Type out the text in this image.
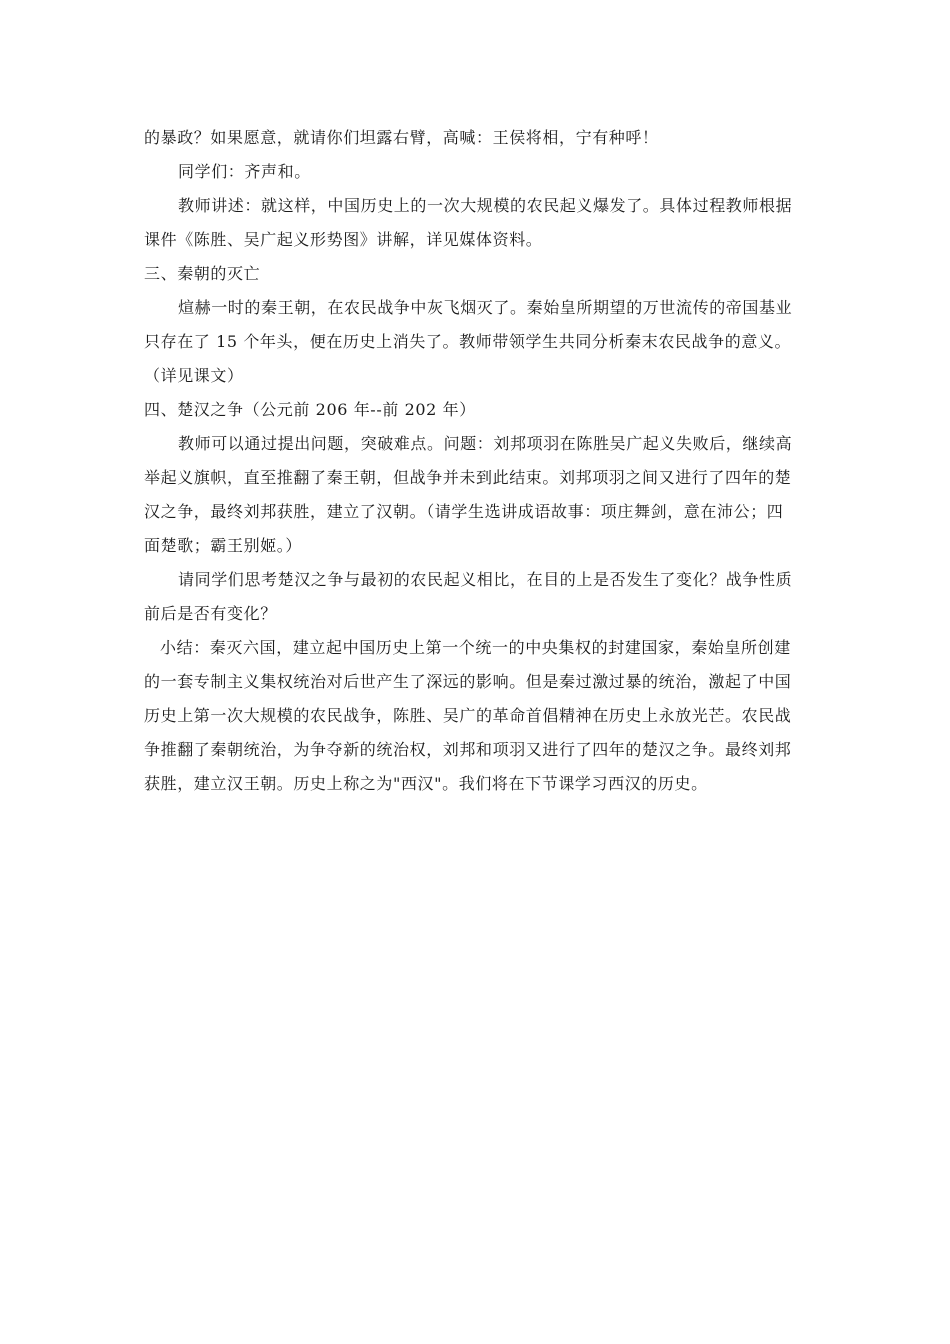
的暴政？如果愿意，就请你们坦露右臂，高喊：王侯将相，宁有种呼！
同学们：齐声和。
教师讲述：就这样，中国历史上的一次大规模的农民起义爆发了。具体过程教师根据
课件《陈胜、吴广起义形势图》讲解，详见媒体资料。
三、秦朝的灭亡
煊赫一时的秦王朝，在农民战争中灰飞烟灭了。秦始皇所期望的万世流传的帝国基业
只存在了 15 个年头，便在历史上消失了。教师带领学生共同分析秦末农民战争的意义。
（详见课文）
四、楚汉之争（公元前 206 年--前 202 年）
教师可以通过提出问题，突破难点。问题：刘邦项羽在陈胜吴广起义失败后，继续高
举起义旗帜，直至推翻了秦王朝，但战争并未到此结束。刘邦项羽之间又进行了四年的楚
汉之争，最终刘邦获胜，建立了汉朝。（请学生选讲成语故事：项庄舞剑，意在沛公；四
面楚歌；霸王别姬。）
请同学们思考楚汉之争与最初的农民起义相比，在目的上是否发生了变化？战争性质
前后是否有变化？
小结：秦灭六国，建立起中国历史上第一个统一的中央集权的封建国家，秦始皇所创建
的一套专制主义集权统治对后世产生了深远的影响。但是秦过激过暴的统治，激起了中国
历史上第一次大规模的农民战争，陈胜、吴广的革命首倡精神在历史上永放光芒。农民战
争推翻了秦朝统治，为争夺新的统治权，刘邦和项羽又进行了四年的楚汉之争。最终刘邦
获胜，建立汉王朝。历史上称之为"西汉"。我们将在下节课学习西汉的历史。
